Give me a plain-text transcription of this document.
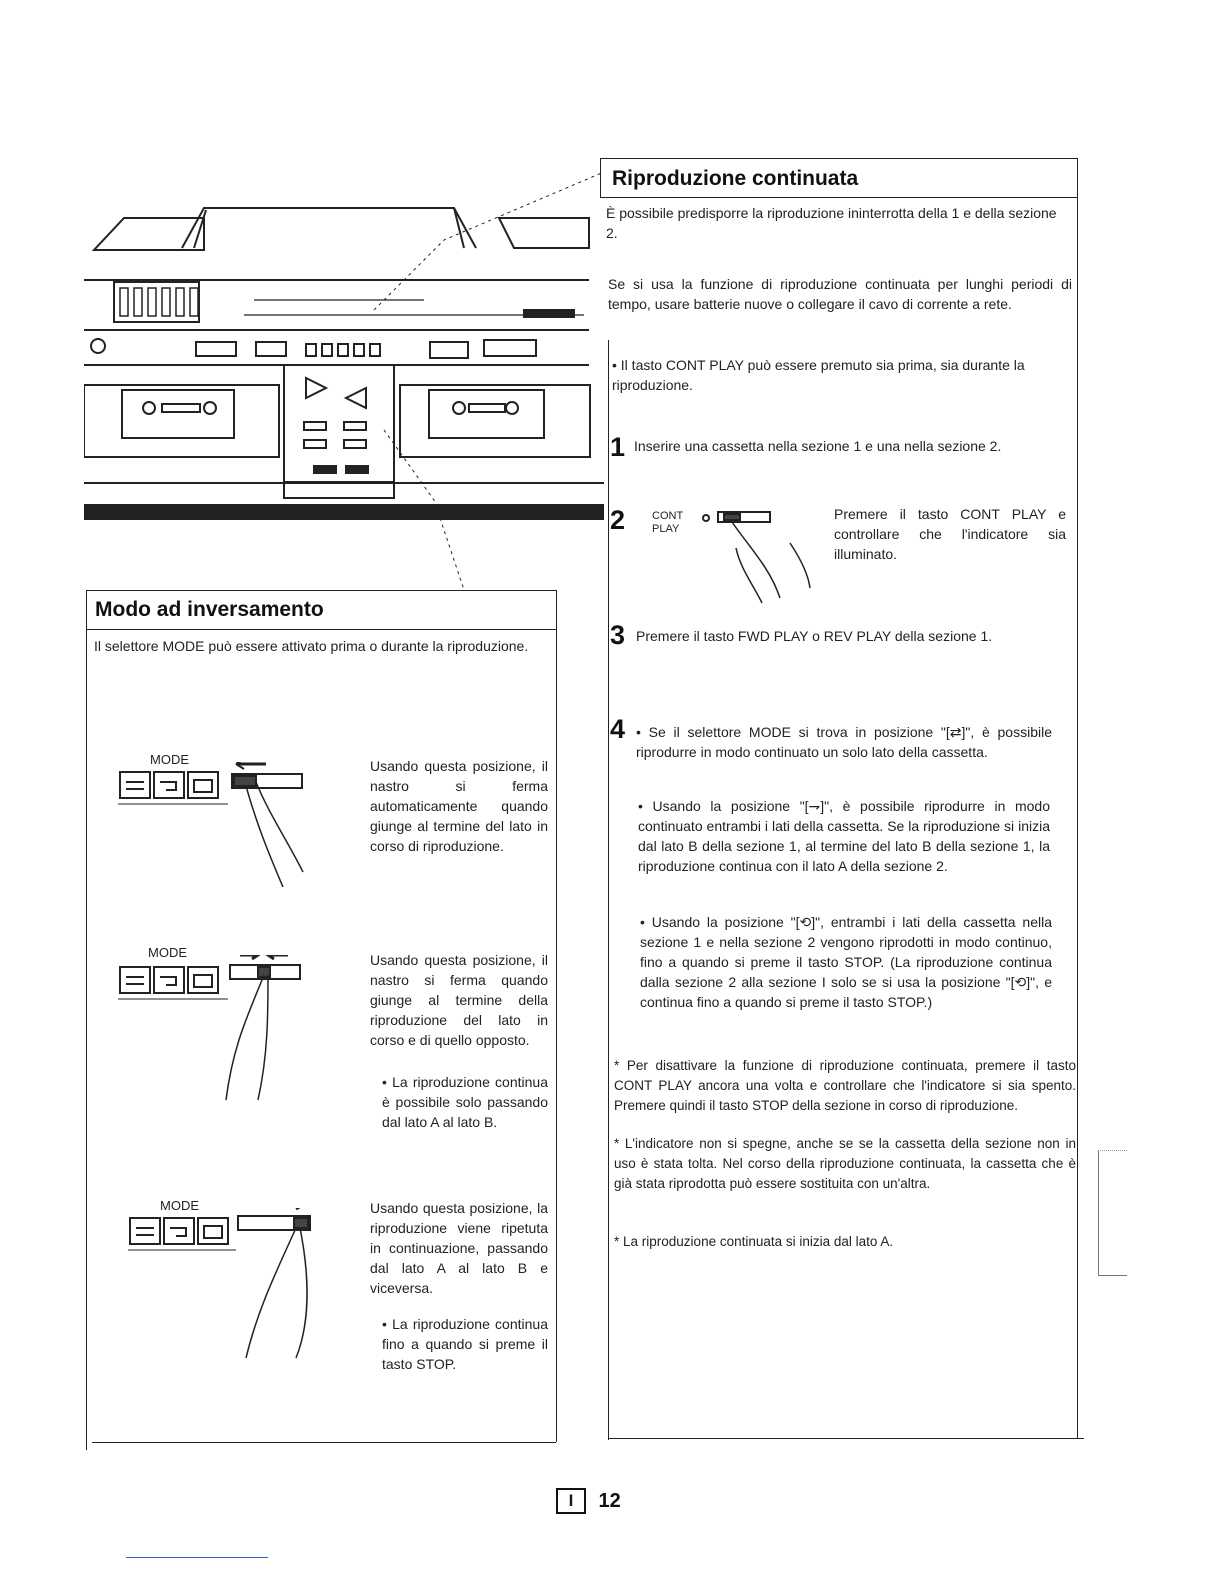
Modo ad inversamento
Il selettore MODE può essere attivato prima o durante la riproduzione.
MODE	Usando questa posizione, il nastro si ferma automaticamente quando giunge al termine del lato in corso di riproduzione.
MODE	Usando questa posizione, il nastro si ferma quando giunge al termine della riproduzione del lato in corso e di quello opposto.
• La riproduzione continua è possibile solo passando dal lato A al lato B.
MODE	Usando questa posizione, la riproduzione viene ripetuta in continuazione, passando dal lato A al lato B e viceversa.
• La riproduzione continua fino a quando si preme il tasto STOP.
Riproduzione continuata
È possibile predisporre la riproduzione ininterrotta della 1 e della sezione 2.
Se si usa la funzione di riproduzione continuata per lunghi periodi di tempo, usare batterie nuove o collegare il cavo di corrente a rete.
• Il tasto CONT PLAY può essere premuto sia prima, sia durante la riproduzione.
1 Inserire una cassetta nella sezione 1 e una nella sezione 2.
2 CONT PLAY
Premere il tasto CONT PLAY e controllare che l'indicatore sia illuminato.
3 Premere il tasto FWD PLAY o REV PLAY della sezione 1.
4
•	Se il selettore MODE si trova in posizione "[⇄]", è possibile riprodurre in modo continuato un solo lato della cassetta.
• Usando la posizione "[⇁]", è possibile riprodurre in modo continuato entrambi i lati della cassetta. Se la riproduzione si inizia dal lato B della sezione 1, al termine del lato B della sezione 1, la riproduzione continua con il lato A della sezione 2.
• Usando la posizione "[⟲]", entrambi i lati della cassetta nella sezione 1 e nella sezione 2 vengono riprodotti in modo continuo, fino a quando si preme il tasto STOP. (La riproduzione continua dalla sezione 2 alla sezione I solo se si usa la posizione "[⟲]", e continua fino a quando si preme il tasto STOP.)
* Per disattivare la funzione di riproduzione continuata, premere il tasto CONT PLAY ancora una volta e controllare che l'indicatore si sia spento. Premere quindi il tasto STOP della sezione in corso di riproduzione.
* L'indicatore non si spegne, anche se se la cassetta della sezione non in uso è stata tolta. Nel corso della riproduzione continuata, la cassetta che è già stata riprodotta può essere sostituita con un'altra.
* La riproduzione continuata si inizia dal lato A.
I 12
